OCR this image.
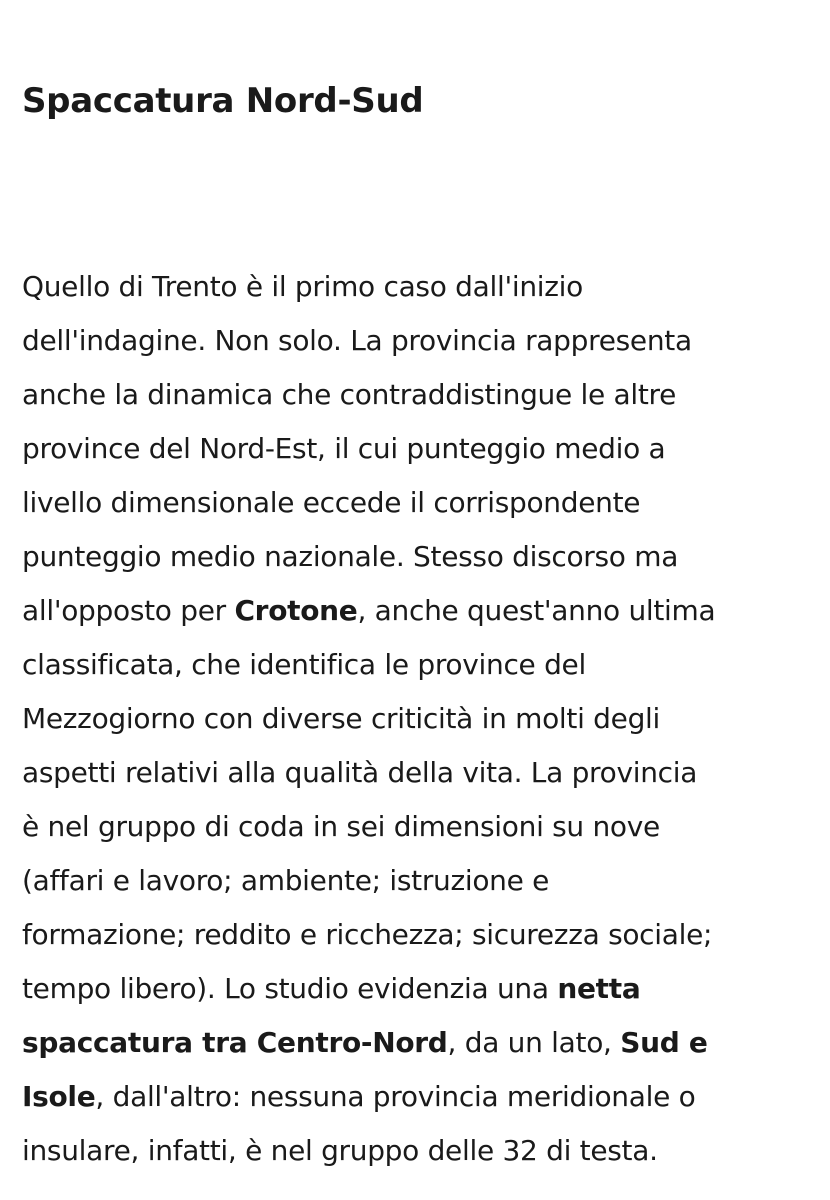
Spaccatura Nord-Sud

Quello di Trento è il primo caso dall'inizio
dell'indagine. Non solo. La provincia rappresenta
anche la dinamica che contraddistingue le altre
province del Nord-Est, il cui punteggio medio a
livello dimensionale eccede il corrispondente
punteggio medio nazionale. Stesso discorso ma
all'opposto per Crotone, anche quest'anno ultima
classificata, che identifica le province del
Mezzogiorno con diverse criticità in molti degli
aspetti relativi alla qualità della vita. La provincia
è nel gruppo di coda in sei dimensioni su nove
(affari e lavoro; ambiente; istruzione e
formazione; reddito e ricchezza; sicurezza sociale;
tempo libero). Lo studio evidenzia una netta
spaccatura tra Centro-Nord, da un lato, Sud e
Isole, dall'altro: nessuna provincia meridionale o
insulare, infatti, è nel gruppo delle 32 di testa.
